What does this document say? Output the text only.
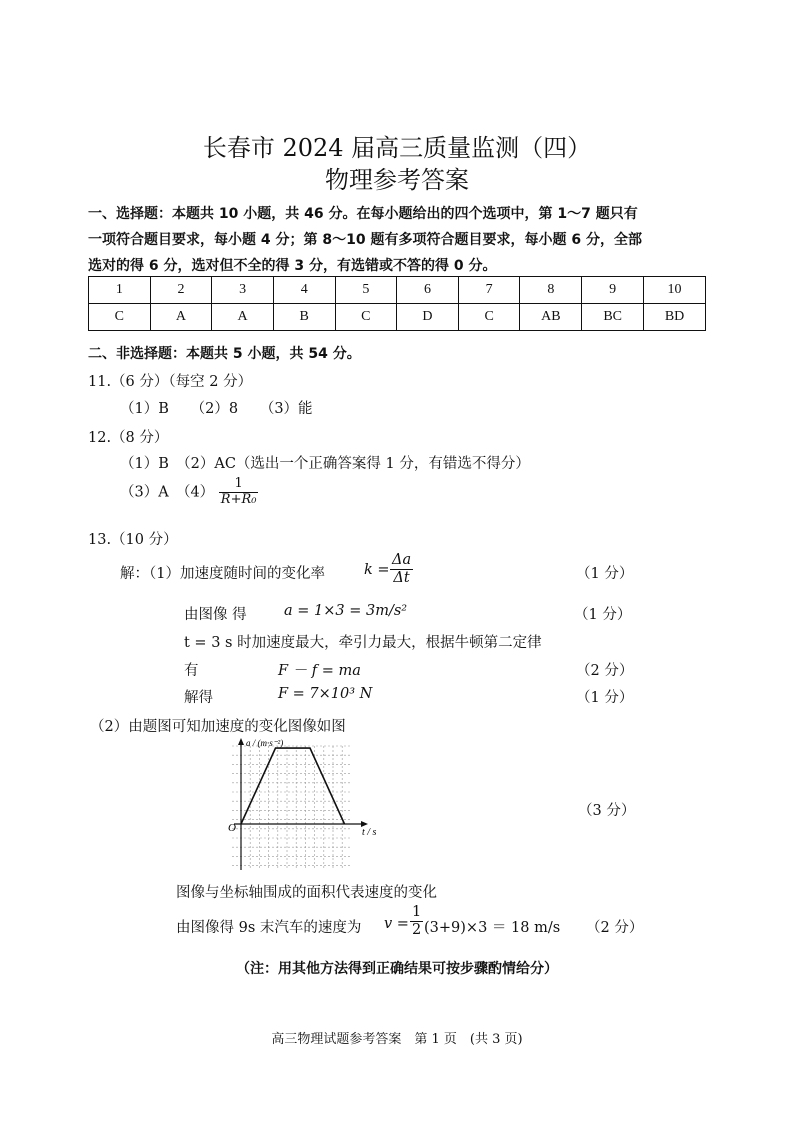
长春市 2024 届高三质量监测（四）
物理参考答案
一、选择题：本题共 10 小题，共 46 分。在每小题给出的四个选项中，第 1～7 题只有
一项符合题目要求，每小题 4 分；第 8～10 题有多项符合题目要求，每小题 6 分，全部
选对的得 6 分，选对但不全的得 3 分，有选错或不答的得 0 分。
1	2	3	4	5	6	7	8	9	10
C	A	A	B	C	D	C	AB	BC	BD
二、非选择题：本题共 5 小题，共 54 分。
11.（6 分）（每空 2 分）
（1）B　　（2）8　　（3）能
12.（8 分）
（1）B　（2）AC（选出一个正确答案得 1 分，有错选不得分）
（3）A　$(4) \frac{1}{\text{R+R₀}}$
13.（10 分）
解：（1）加速度随时间的变化率	$k = \frac{\Delta a}{\Delta t}$	（1 分）
由图像 得	a = 1×3 = 3m/s²	（1 分）
t = 3 s 时加速度最大，牵引力最大，根据牛顿第二定律
有	F － f = ma	（2 分）
解得	F = 7×10³ N	（1 分）
（2）由题图可知加速度的变化图像如图
a / (m·s⁻²)
t / s
O
（3 分）
图像与坐标轴围成的面积代表速度的变化
由图像得 9s 末汽车的速度为 $v = \frac{1}{2} (3+9)\times 3 = 18$ m/s （2 分）
（注：用其他方法得到正确结果可按步骤酌情给分）
高三物理试题参考答案　第 1 页　(共 3 页)
